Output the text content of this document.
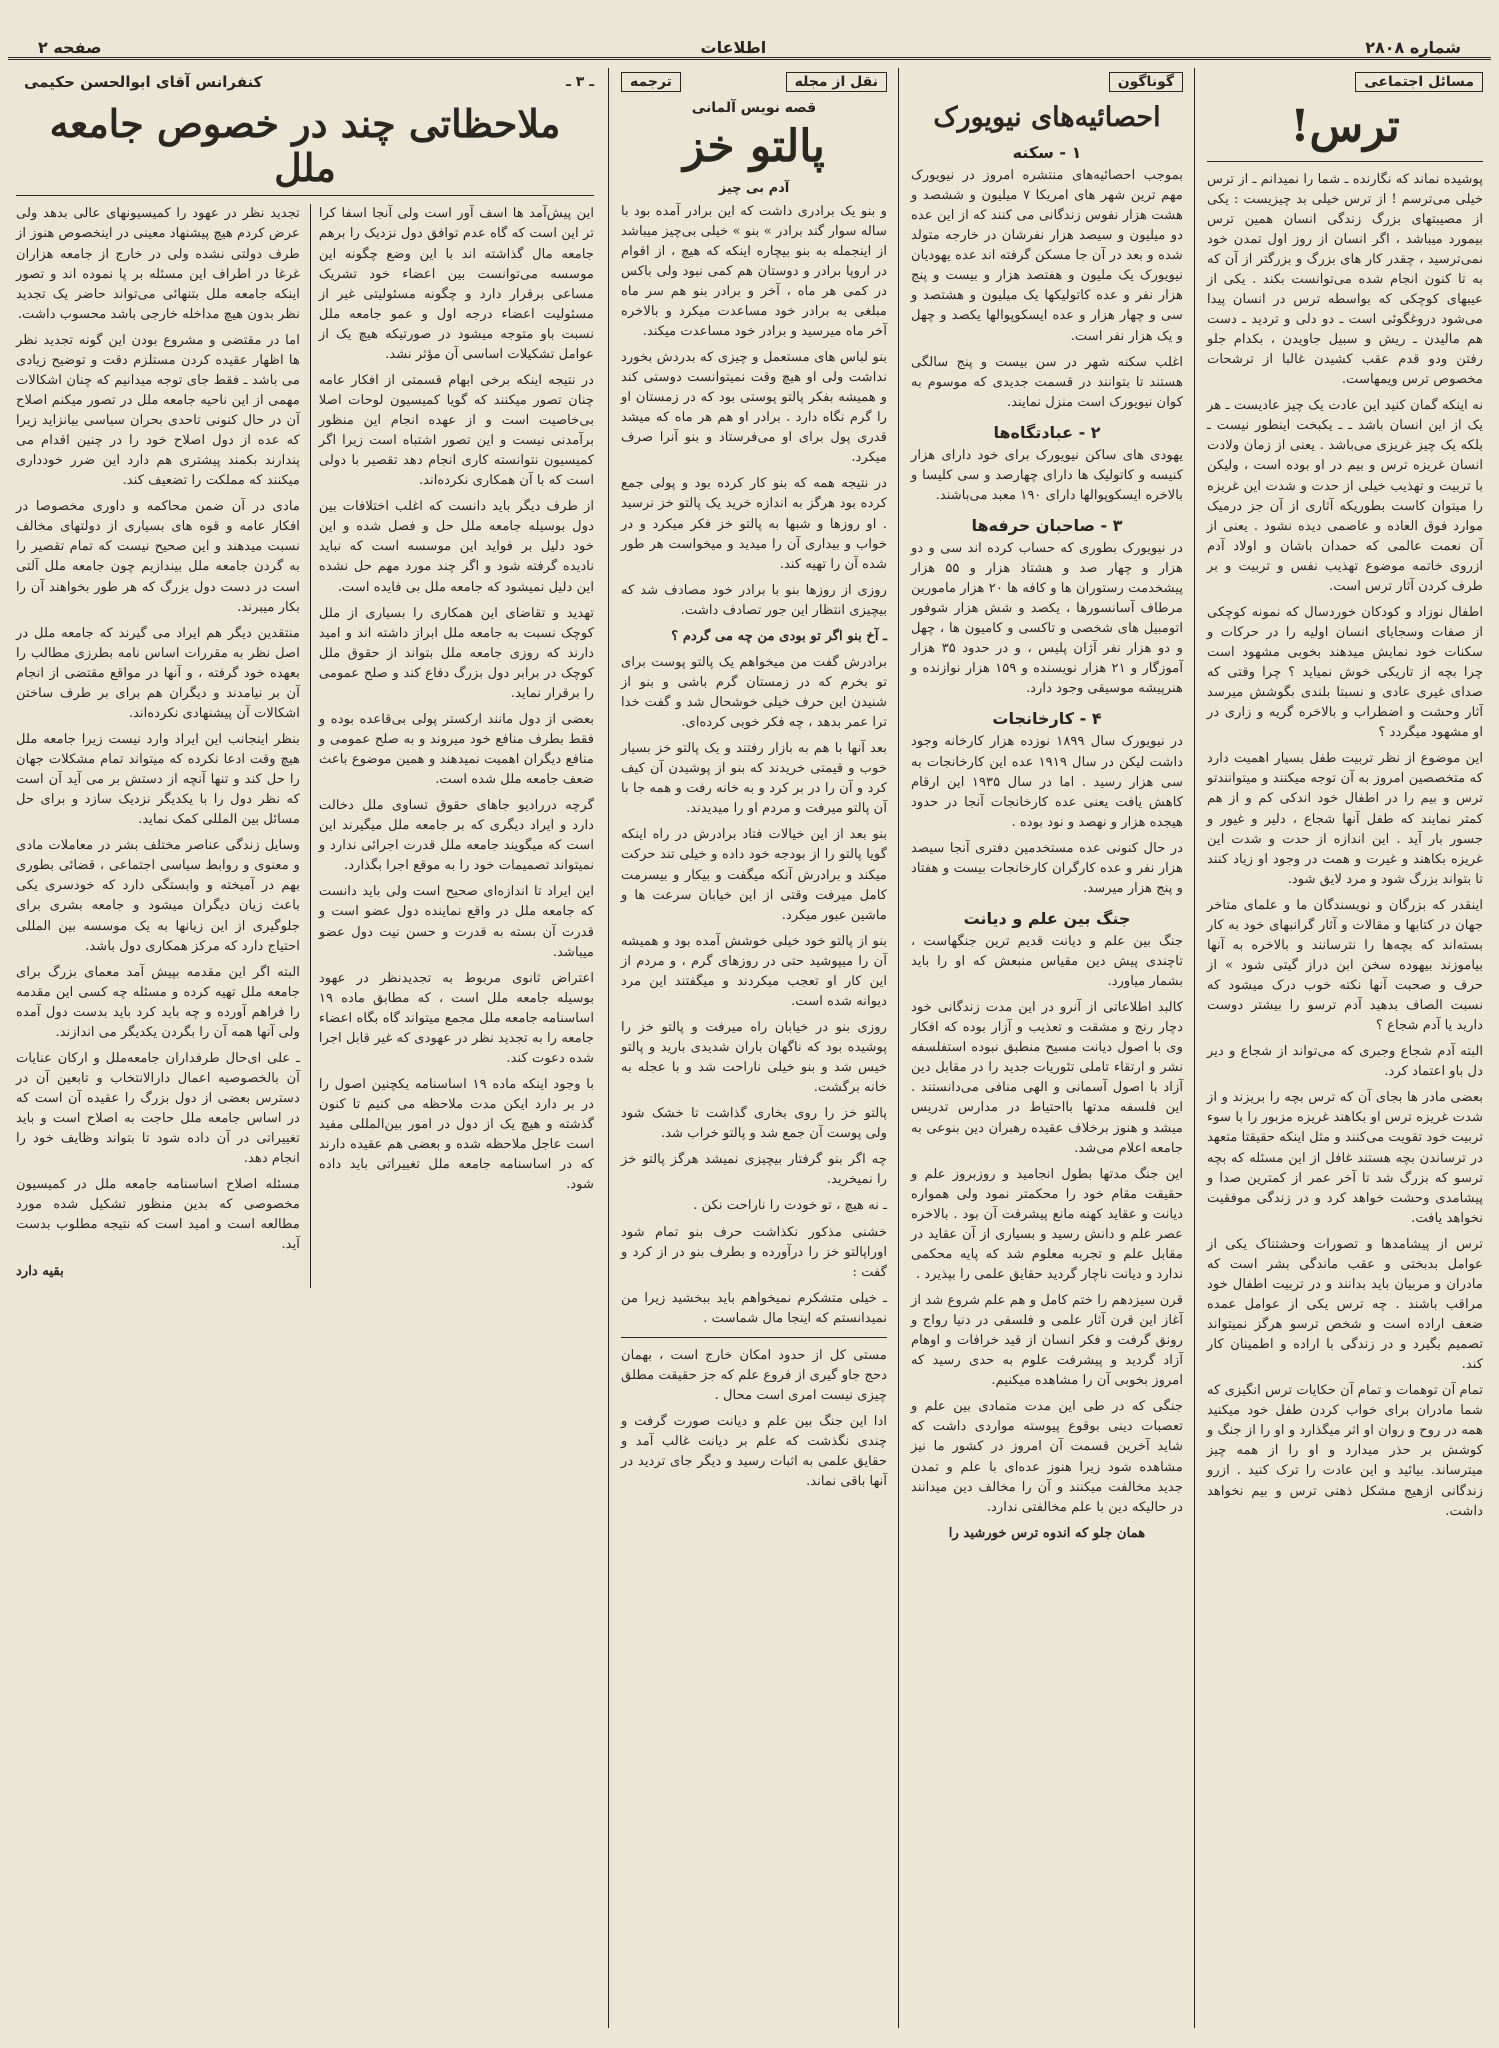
شماره ۲۸۰۸
اطلاعات
صفحه ۲
مسائل اجتماعی
ترس!

پوشیده نماند که نگارنده ـ شما را نمیدانم ـ از ترس خیلی می‌ترسم ! از ترس خیلی بد چیزیست : یکی از مصیبتهای بزرگ زندگی انسان همین ترس بیمورد میباشد ، اگر انسان از روز اول تمدن خود نمی‌ترسید ، چقدر کار های بزرگ و بزرگتر از آن که به تا کنون انجام شده می‌توانست بکند . یکی از عیبهای کوچکی که بواسطه ترس در انسان پیدا می‌شود دروغگوئی است ـ دو دلی و تردید ـ دست هم مالیدن ـ ریش و سبیل جاویدن ، بکدام جلو رفتن ودو قدم عقب کشیدن غالبا از ترشحات مخصوص ترس ویمهاست.

نه اینکه گمان کنید این عادت یک چیز عادیست ـ هر یک از این انسان باشد ـ ـ یکبخت اینطور نیست ـ بلکه یک چیز غریزی می‌باشد . یعنی از زمان ولادت انسان غریزه ترس و بیم در او بوده است ، ولیکن با تربیت و تهذیب خیلی از حدت و شدت این غریزه را میتوان کاست بطوریکه آثاری از آن جز درمیک موارد فوق العاده و عاصمی دیده نشود . یعنی از آن نعمت عالمی که حمدان باشان و اولاد آدم ازروی خاتمه موضوع تهذیب نفس و تربیت و بر طرف کردن آثار ترس است.

اطفال نوزاد و کودکان خوردسال که نمونه کوچکی از صفات وسجایای انسان اولیه را در حرکات و سکنات خود نمایش میدهند بخوبی مشهود است چرا بچه از تاریکی خوش نمیاید ؟ چرا وقتی که صدای غیری عادی و نسبتا بلندی بگوشش میرسد آثار وحشت و اضطراب و بالاخره گریه و زاری در او مشهود میگردد ؟

این موضوع از نظر تربیت طفل بسیار اهمیت دارد که متخصصین امروز به آن توجه میکنند و میتوانندتو ترس و بیم را در اطفال خود اندکی کم و از هم کمتر نمایند که طفل آنها شجاع ، دلیر و غیور و جسور بار آید . این اندازه از حدت و شدت این غریزه بکاهند و غیرت و همت در وجود او زیاد کنند تا بتواند بزرگ شود و مرد لایق شود.

اینقدر که بزرگان و نویسندگان ما و علمای متاخر جهان در کتابها و مقالات و آثار گرانبهای خود به کار بسته‌اند که بچه‌ها را نترسانند و بالاخره به آنها بیاموزند بیهوده سخن ابن دراز گیتی شود » از حرف و صحبت آنها نکته خوب درک میشود که نسبت الصاف بدهید آدم ترسو را بیشتر دوست دارید یا آدم شجاع ؟

البته آدم شجاع وجبری که می‌تواند از شجاع و دیر دل باو اعتماد کرد.

بعضی مادر ها بجای آن که ترس بچه را بریزند و از شدت غریزه ترس او بکاهند غریزه مزبور را با سوء تربیت خود تقویت می‌کنند و مثل اینکه حقیقتا متعهد در ترساندن بچه هستند غافل از این مسئله که بچه ترسو که بزرگ شد تا آخر عمر از کمترین صدا و پیشامدی وحشت خواهد کرد و در زندگی موفقیت نخواهد یافت.

ترس از پیشامدها و تصورات وحشتناک یکی از عوامل بدبختی و عقب ماندگی بشر است که مادران و مربیان باید بدانند و در تربیت اطفال خود مراقب باشند . چه ترس یکی از عوامل عمده ضعف اراده است و شخص ترسو هرگز نمیتواند تصمیم بگیرد و در زندگی با اراده و اطمینان کار کند.

تمام آن توهمات و تمام آن حکایات ترس انگیزی که شما مادران برای خواب کردن طفل خود میکنید همه در روح و روان او اثر میگذارد و او را از جنگ و کوشش بر حذر میدارد و او را از همه چیز میترساند. بیائید و این عادت را ترک کنید . ازرو زندگانی ازهیج مشکل ذهنی ترس و بیم نخواهد داشت.

گوناگون
احصائیه‌های نیویورک
۱ - سکنه

بموجب احصائیه‌های منتشره امروز در نیویورک مهم ترین شهر های امریکا ۷ میلیون و ششصد و هشت هزار نفوس زندگانی می کنند که از این عده دو میلیون و سیصد هزار نفرشان در خارجه متولد شده و بعد در آن جا مسکن گرفته اند عده یهودیان نیویورک یک ملیون و هفتصد هزار و بیست و پنج هزار نفر و عده کاتولیکها یک میلیون و هشتصد و سی و چهار هزار و عده ایسکوپوالها یکصد و چهل و یک هزار نفر است.

اغلب سکنه شهر در سن بیست و پنج سالگی هستند تا بتوانند در قسمت جدیدی که موسوم به کوان نیویورک است منزل نمایند.

۲ - عبادتگاه‌ها

یهودی های ساکن نیویورک برای خود دارای هزار کنیسه و کاتولیک ها دارای چهارصد و سی کلیسا و بالاخره ایسکوپوالها دارای ۱۹۰ معبد می‌باشند.

۳ - صاحبان حرفه‌ها

در نیویورک بطوری که حساب کرده اند سی و دو هزار و چهار صد و هشتاد هزار و ۵۵ هزار پیشخدمت رستوران ها و کافه ها ۲۰ هزار مامورین مرطاف آسانسورها ، یکصد و شش هزار شوفور اتومبیل های شخصی و تاکسی و کامیون ها ، چهل و دو هزار نفر آژان پلیس ، و در حدود ۳۵ هزار آموزگار و ۲۱ هزار نویسنده و ۱۵۹ هزار نوازنده و هنرپیشه موسیقی وجود دارد.

۴ - کارخانجات

در نیویورک سال ۱۸۹۹ نوزده هزار کارخانه وجود داشت لیکن در سال ۱۹۱۹ عده این کارخانجات به سی هزار رسید . اما در سال ۱۹۳۵ این ارقام کاهش یافت یعنی عده کارخانجات آنجا در حدود هیجده هزار و نهصد و نود بوده .

در حال کنونی عده مستخدمین دفتری آنجا سیصد هزار نفر و عده کارگران کارخانجات بیست و هفتاد و پنج هزار میرسد.

جنگ بین علم و دیانت

جنگ بین علم و دیانت قدیم ترین جنگهاست ، تاچندی پیش دین مقیاس منبعش که او را باید بشمار میاورد.

کالبد اطلاعاتی از آنرو در این مدت زندگانی خود دچار رنج و مشقت و تعذیب و آزار بوده که افکار وی با اصول دیانت مسیح منطبق نبوده استفلسفه نشر و ارتقاء تاملی تئوریات جدید را در مقابل دین آزاد با اصول آسمانی و الهی منافی می‌دانستند . این فلسفه مدتها بااحتیاط در مدارس تدریس میشد و هنوز برخلاف عقیده رهبران دین بنوعی به جامعه اعلام می‌شد.

این جنگ مدتها بطول انجامید و روزبروز علم و حقیقت مقام خود را محکمتر نمود ولی همواره دیانت و عقاید کهنه مانع پیشرفت آن بود . بالاخره عصر علم و دانش رسید و بسیاری از آن عقاید در مقابل علم و تجربه معلوم شد که پایه محکمی ندارد و دیانت ناچار گردید حقایق علمی را بپذیرد .

قرن سیزدهم را ختم کامل و هم علم شروع شد از آغاز این قرن آثار علمی و فلسفی در دنیا رواج و رونق گرفت و فکر انسان از قید خرافات و اوهام آزاد گردید و پیشرفت علوم به حدی رسید که امروز بخوبی آن را مشاهده میکنیم.

جنگی که در طی این مدت متمادی بین علم و تعصبات دینی بوقوع پیوسته مواردی داشت که شاید آخرین قسمت آن امروز در کشور ما نیز مشاهده شود زیرا هنوز عده‌ای با علم و تمدن جدید مخالفت میکنند و آن را مخالف دین میدانند در حالیکه دین با علم مخالفتی ندارد.

همان جلو که اندوه ترس خورشید را

نقل از مجله
ترجمه
قصه نویس آلمانی
پالتو خز
آدم بی چیز

و بنو یک برادری داشت که این برادر آمده بود با ساله سوار گند برادر » بنو » خیلی بی‌چیز میباشد از اینجمله به بنو بیچاره اینکه که هیچ ، از اقوام در اروپا برادر و دوستان هم کمی نبود ولی باکس در کمی هر ماه ، آخر و برادر بنو هم سر ماه مبلغی به برادر خود مساعدت میکرد و بالاخره آخر ماه میرسید و برادر خود مساعدت میکند.

بنو لباس های مستعمل و چیزی که بدردش بخورد نداشت ولی او هیچ وقت نمیتوانست دوستی کند و همیشه بفکر پالتو پوستی بود که در زمستان او را گرم نگاه دارد . برادر او هم هر ماه که میشد قدری پول برای او می‌فرستاد و بنو آنرا صرف میکرد.

در نتیجه همه که بنو کار کرده بود و پولی جمع کرده بود هرگز به اندازه خرید یک پالتو خز نرسید . او روزها و شبها به پالتو خز فکر میکرد و در خواب و بیداری آن را میدید و میخواست هر طور شده آن را تهیه کند.

روزی از روزها بنو با برادر خود مصادف شد که بیچیزی انتظار این جور تصادف داشت.

ـ آخ بنو اگر تو بودی من چه می گردم ؟

برادرش گفت من میخواهم یک پالتو پوست برای تو بخرم که در زمستان گرم باشی و بنو از شنیدن این حرف خیلی خوشحال شد و گفت خدا ترا عمر بدهد ، چه فکر خوبی کرده‌ای.

بعد آنها با هم به بازار رفتند و یک پالتو خز بسیار خوب و قیمتی خریدند که بنو از پوشیدن آن کیف کرد و آن را در بر کرد و به خانه رفت و همه جا با آن پالتو میرفت و مردم او را میدیدند.

بنو بعد از این خیالات فتاد برادرش در راه اینکه گویا پالتو را از بودجه خود داده و خیلی تند حرکت میکند و برادرش آنکه میگفت و بیکار و بیسرمت کامل میرفت وقتی از این خیابان سرعت ها و ماشین عبور میکرد.

بنو از پالتو خود خیلی خوشش آمده بود و همیشه آن را میپوشید حتی در روزهای گرم ، و مردم از این کار او تعجب میکردند و میگفتند این مرد دیوانه شده است.

روزی بنو در خیابان راه میرفت و پالتو خز را پوشیده بود که ناگهان باران شدیدی بارید و پالتو خیس شد و بنو خیلی ناراحت شد و با عجله به خانه برگشت.

پالتو خز را روی بخاری گذاشت تا خشک شود ولی پوست آن جمع شد و پالتو خراب شد.

چه اگر بنو گرفتار بیچیزی نمیشد هرگز پالتو خز را نمیخرید.

ـ نه هیچ ، تو خودت را ناراحت نکن .

خشنی مذکور نکذاشت حرف بنو تمام شود اوراپالتو خز را درآورده و بطرف بنو در از کرد و گفت :

ـ خیلی متشکرم نمیخواهم باید ببخشید زیرا من نمیدانستم که اینجا مال شماست .

مستی کل از حدود امکان خارج است ، بهمان دحج جاو گیری از فروع علم که جز حقیقت مطلق چیزی نیست امری است محال .

ادا این جنگ بین علم و دیانت صورت گرفت و چندی نگذشت که علم بر دیانت غالب آمد و حقایق علمی به اثبات رسید و دیگر جای تردید در آنها باقی نماند.

ـ ۳ ـ
کنفرانس آقای ابوالحسن حکیمی
ملاحظاتی چند در خصوص جامعه ملل

این پیش‌آمد ها اسف آور است ولی آنجا اسفا کرا تر این است که گاه عدم توافق دول نزدیک را برهم جامعه مال گذاشته اند با این وضع چگونه این موسسه می‌توانست بین اعضاء خود تشریک مساعی برقرار دارد و چگونه مسئولیتی غیر از مسئولیت اعضاء درجه اول و عمو جامعه ملل نسبت باو متوجه میشود در صورتیکه هیچ یک از عوامل تشکیلات اساسی آن مؤثر نشد.

در نتیجه اینکه برخی ابهام قسمتی از افکار عامه چنان تصور میکنند که گویا کمیسیون لوحات اصلا بی‌خاصیت است و از عهده انجام این منظور برآمدنی نیست و این تصور اشتباه است زیرا اگر کمیسیون نتوانسته کاری انجام دهد تقصیر با دولی است که با آن همکاری نکرده‌اند.

از طرف دیگر باید دانست که اغلب اختلافات بین دول بوسیله جامعه ملل حل و فصل شده و این خود دلیل بر فواید این موسسه است که نباید نادیده گرفته شود و اگر چند مورد مهم حل نشده این دلیل نمیشود که جامعه ملل بی فایده است.

تهدید و تقاضای این همکاری را بسیاری از ملل کوچک نسبت به جامعه ملل ابراز داشته اند و امید دارند که روزی جامعه ملل بتواند از حقوق ملل کوچک در برابر دول بزرگ دفاع کند و صلح عمومی را برقرار نماید.

بعضی از دول مانند ارکستر پولی بی‌قاعده بوده و فقط بطرف منافع خود میروند و به صلح عمومی و منافع دیگران اهمیت نمیدهند و همین موضوع باعث ضعف جامعه ملل شده است.

گرچه دررادیو جاهای حقوق تساوی ملل دخالت دارد و ایراد دیگری که بر جامعه ملل میگیرند این است که میگویند جامعه ملل قدرت اجرائی ندارد و نمیتواند تصمیمات خود را به موقع اجرا بگذارد.

این ایراد تا اندازه‌ای صحیح است ولی باید دانست که جامعه ملل در واقع نماینده دول عضو است و قدرت آن بسته به قدرت و حسن نیت دول عضو میباشد.

اعتراض ثانوی مربوط به تجدیدنظر در عهود بوسیله جامعه ملل است ، که مطابق ماده ۱۹ اساسنامه جامعه ملل مجمع میتواند گاه بگاه اعضاء جامعه را به تجدید نظر در عهودی که غیر قابل اجرا شده دعوت کند.

با وجود اینکه ماده ۱۹ اساسنامه یکچنین اصول را در بر دارد ایکن مدت ملاحظه می کنیم تا کنون گذشته و هیچ یک از دول در امور بین‌المللی مفید است عاجل ملاحظه شده و بعضی هم عقیده دارند که در اساسنامه جامعه ملل تغییراتی باید داده شود.

تجدید نظر در عهود را کمیسیونهای عالی بدهد ولی عرض کردم هیچ پیشنهاد معینی در اینخصوص هنوز از طرف دولتی نشده ولی در خارج از جامعه هزاران غرغا در اطراف این مسئله بر پا نموده اند و تصور اینکه جامعه ملل بتنهائی می‌تواند حاضر یک تجدید نظر بدون هیچ مداخله خارجی باشد محسوب داشت.

اما در مقتضی و مشروع بودن این گونه تجدید نظر ها اظهار عقیده کردن مستلزم دقت و توضیح زیادی می باشد ـ فقط جای توجه میدانیم که چنان اشکالات مهمی از این ناحیه جامعه ملل در تصور میکنم اصلاح آن در حال کنونی تاحدی بحران سیاسی بیانزاید زیرا که عده از دول اصلاح خود را در چنین اقدام می پندارند بکمند پیشتری هم دارد این ضرر خودداری میکنند که مملکت را تضعیف کند.

مادی در آن ضمن محاکمه و داوری مخصوصا در افکار عامه و قوه های بسیاری از دولتهای مخالف نسبت میدهند و این صحیح نیست که تمام تقصیر را به گردن جامعه ملل بیندازیم چون جامعه ملل آلتی است در دست دول بزرگ که هر طور بخواهند آن را بکار میبرند.

منتقدین دیگر هم ایراد می گیرند که جامعه ملل در اصل نظر به مقررات اساس نامه بطرزی مطالب را بعهده خود گرفته ، و آنها در مواقع مقتضی از انجام آن بر نیامدند و دیگران هم برای بر طرف ساختن اشکالات آن پیشنهادی نکرده‌اند.

بنظر اینجانب این ایراد وارد نیست زیرا جامعه ملل هیچ وقت ادعا نکرده که میتواند تمام مشکلات جهان را حل کند و تنها آنچه از دستش بر می آید آن است که نظر دول را با یکدیگر نزدیک سازد و برای حل مسائل بین المللی کمک نماید.

وسایل زندگی عناصر مختلف بشر در معاملات مادی و معنوی و روابط سیاسی اجتماعی ، قضائی بطوری بهم در آمیخته و وابستگی دارد که خودسری یکی باعث زیان دیگران میشود و جامعه بشری برای جلوگیری از این زیانها به یک موسسه بین المللی احتیاج دارد که مرکز همکاری دول باشد.

البته اگر این مقدمه بپیش آمد معمای بزرگ برای جامعه ملل تهیه کرده و مسئله چه کسی این مقدمه را فراهم آورده و چه باید کرد باید بدست دول آمده ولی آنها همه آن را بگردن یکدیگر می اندازند.

ـ علی ای‌حال طرفداران جامعه‌ملل و ارکان عنایات آن بالخصوصیه اعمال دارالانتخاب و تابعین آن در دسترس بعضی از دول بزرگ را عقیده آن است که در اساس جامعه ملل حاجت به اصلاح است و باید تغییراتی در آن داده شود تا بتواند وظایف خود را انجام دهد.

مسئله اصلاح اساسنامه جامعه ملل در کمیسیون مخصوصی که بدین منظور تشکیل شده مورد مطالعه است و امید است که نتیجه مطلوب بدست آید.

بقیه دارد
